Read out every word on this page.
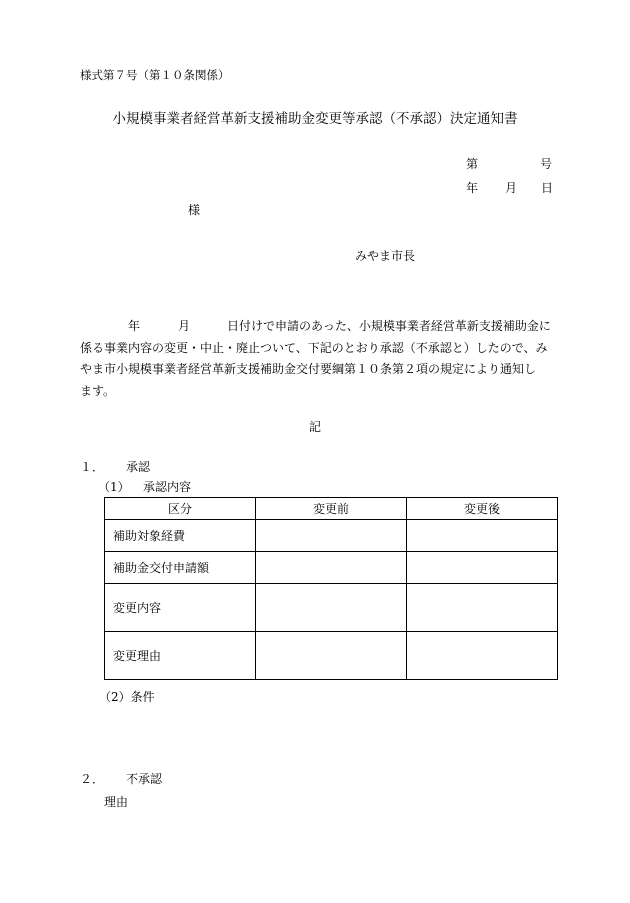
様式第７号（第１０条関係）
小規模事業者経営革新支援補助金変更等承認（不承認）決定通知書
第	号
年 月 日
様
みやま市長
年	月	日付けで申請のあった、小規模事業者経営革新支援補助金に
係る事業内容の変更・中止・廃止ついて、下記のとおり承認（不承認と）したので、み
やま市小規模事業者経営革新支援補助金交付要綱第１０条第２項の規定により通知し
ます。
記
１． 承認
（1） 承認内容
区分	変更前	変更後
補助対象経費		
補助金交付申請額		
変更内容		
変更理由		
（2）条件
２． 不承認
理由
